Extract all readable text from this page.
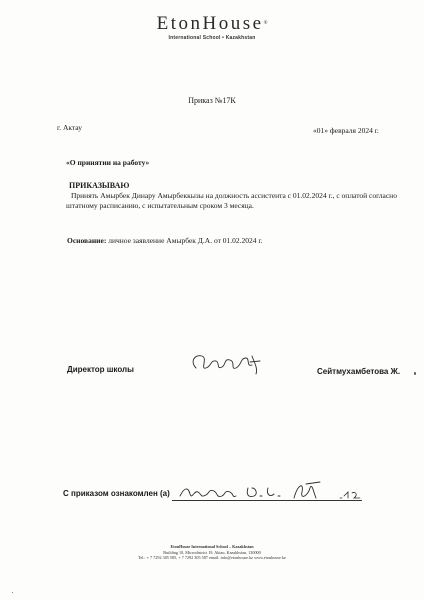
EtonHouse®
International School • Kazakhstan
Приказ №17К
г. Актау	«01» февраля 2024 г.
«О принятии на работу»
ПРИКАЗЫВАЮ
Принять Амырбек Динару Амырбеккызы на должность ассистента с 01.02.2024 г., с оплатой согласно штатному расписанию, с испытательным сроком 3 месяца.
Основание: личное заявление Амырбек Д.А. от 01.02.2024 г.
Директор школы	Сейтмухамбетова Ж.
С приказом ознакомлен (а)
EtonHouse International School – Kazakhstan
Building 10, Microdistrict 19, Aktau, Kazakhstan, 130000
Tel.: + 7 7292 305 585, + 7 7292 305 587 email: info@etonhouse.kz www.etonhouse.kz
